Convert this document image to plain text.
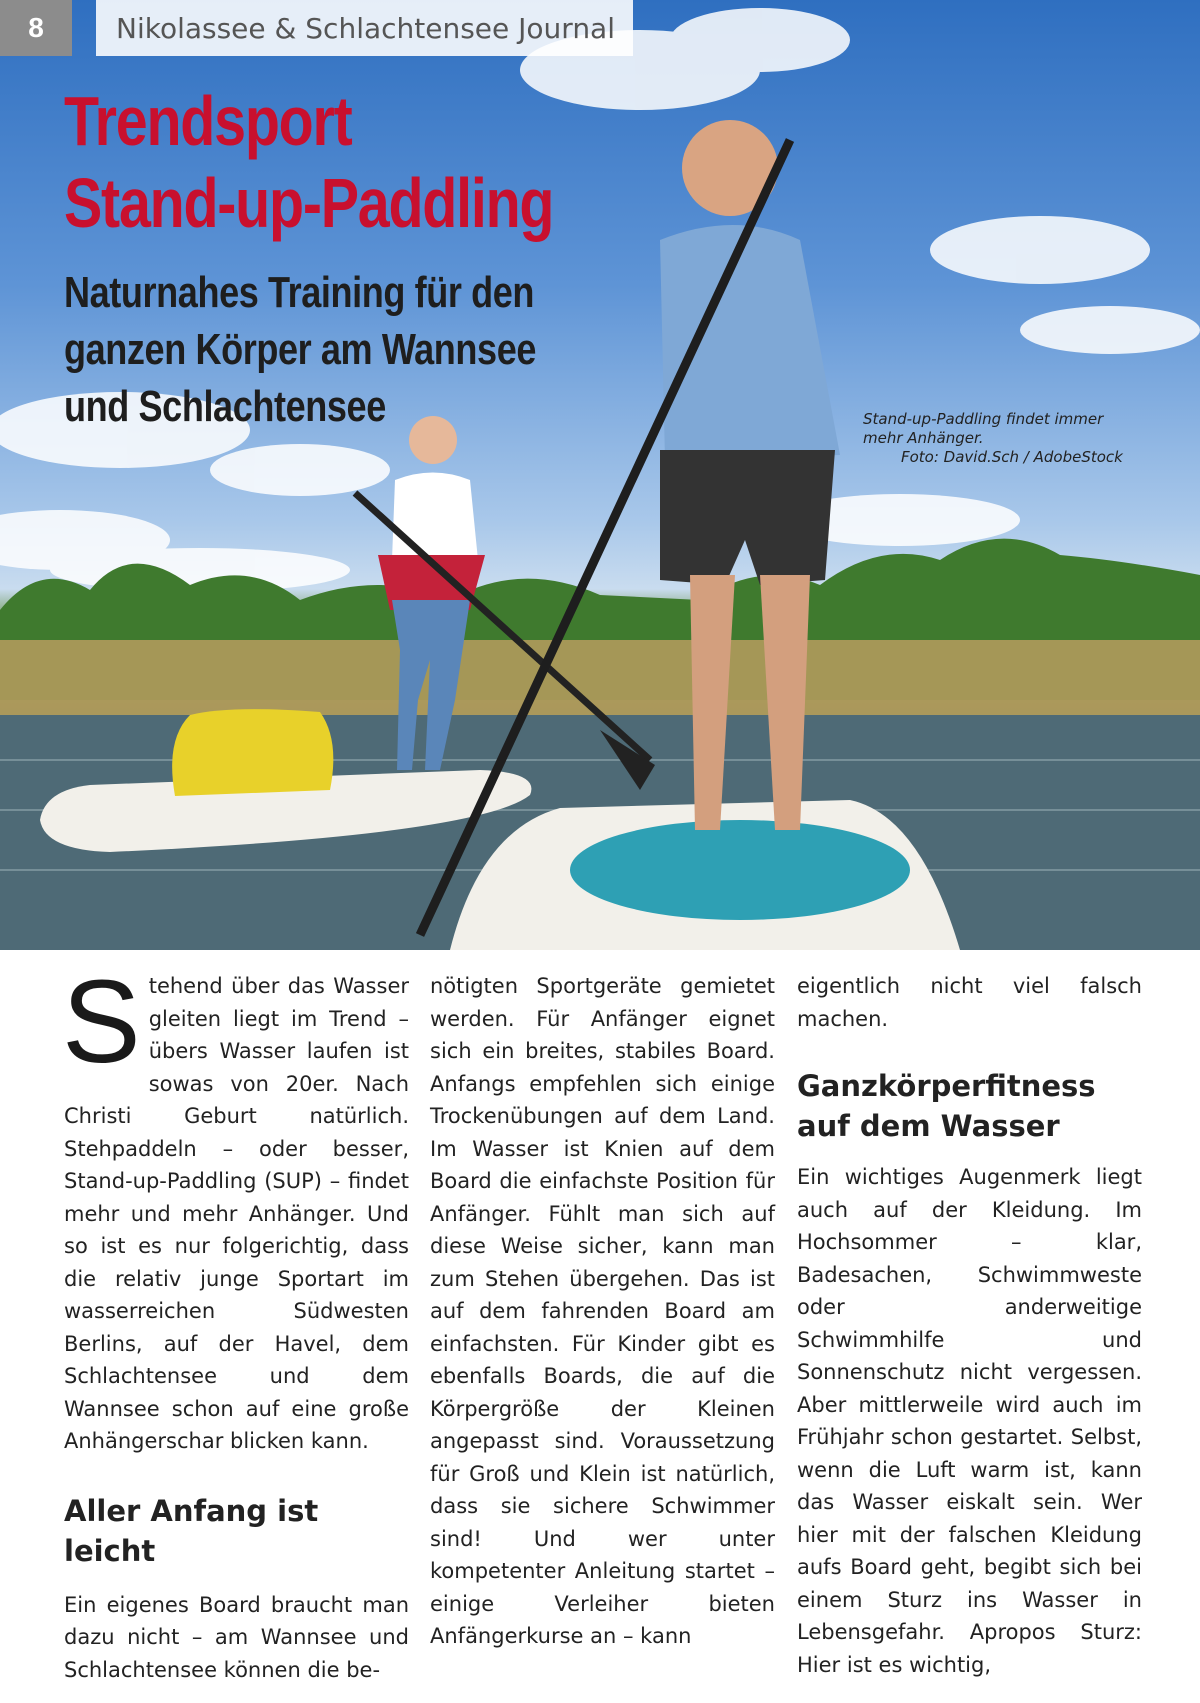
8	Nikolassee & Schlachtensee Journal
Trendsport
Stand-up-Paddling
Naturnahes Training für den
ganzen Körper am Wannsee
und Schlachtensee	Stand-up-Paddling findet immer
mehr Anhänger.
Foto: David.Sch / AdobeStock

Stehend über das Wasser gleiten liegt im Trend – übers Wasser laufen ist sowas von 20er. Nach Christi Geburt natürlich. Stehpaddeln – oder besser, Stand-up-Paddling (SUP) – findet mehr und mehr Anhänger. Und so ist es nur folgerichtig, dass die relativ junge Sportart im wasserreichen Südwesten Berlins, auf der Havel, dem Schlachtensee und dem Wannsee schon auf eine große Anhängerschar blicken kann.

Aller Anfang ist leicht

Ein eigenes Board braucht man dazu nicht – am Wannsee und Schlachtensee können die be-

nötigten Sportgeräte gemietet werden. Für Anfänger eignet sich ein breites, stabiles Board. Anfangs empfehlen sich einige Trockenübungen auf dem Land. Im Wasser ist Knien auf dem Board die einfachste Position für Anfänger. Fühlt man sich auf diese Weise sicher, kann man zum Stehen übergehen. Das ist auf dem fahrenden Board am einfachsten. Für Kinder gibt es ebenfalls Boards, die auf die Körpergröße der Kleinen angepasst sind. Voraussetzung für Groß und Klein ist natürlich, dass sie sichere Schwimmer sind! Und wer unter kompetenter Anleitung startet – einige Verleiher bieten Anfängerkurse an – kann

eigentlich nicht viel falsch machen.

Ganzkörperfitness
auf dem Wasser

Ein wichtiges Augenmerk liegt auch auf der Kleidung. Im Hochsommer – klar, Badesachen, Schwimmweste oder anderweitige Schwimmhilfe und Sonnenschutz nicht vergessen. Aber mittlerweile wird auch im Frühjahr schon gestartet. Selbst, wenn die Luft warm ist, kann das Wasser eiskalt sein. Wer hier mit der falschen Kleidung aufs Board geht, begibt sich bei einem Sturz ins Wasser in Lebensgefahr. Apropos Sturz: Hier ist es wichtig,
